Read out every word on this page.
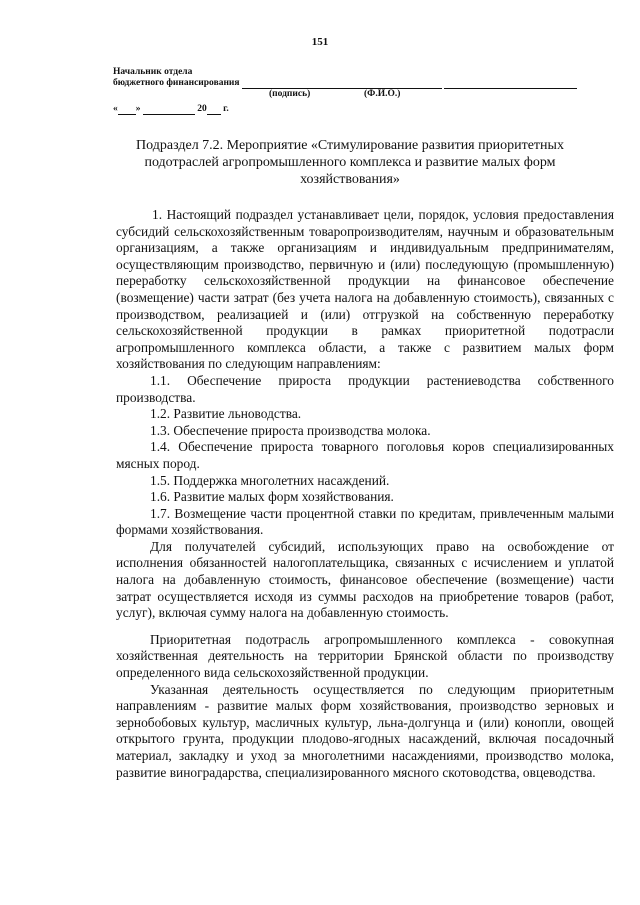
151
Начальник отдела
бюджетного финансирования
(подпись)	(Ф.И.О.)
« »	20 г.
Подраздел 7.2. Мероприятие «Стимулирование развития приоритетных подотраслей агропромышленного комплекса и развитие малых форм хозяйствования»

1. Настоящий подраздел устанавливает цели, порядок, условия предоставления субсидий сельскохозяйственным товаропроизводителям, научным и образовательным организациям, а также организациям и индивидуальным предпринимателям, осуществляющим производство, первичную и (или) последующую (промышленную) переработку сельскохозяйственной продукции на финансовое обеспечение (возмещение) части затрат (без учета налога на добавленную стоимость), связанных с производством, реализацией и (или) отгрузкой на собственную переработку сельскохозяйственной продукции в рамках приоритетной подотрасли агропромышленного комплекса области, а также с развитием малых форм хозяйствования по следующим направлениям:

1.1. Обеспечение прироста продукции растениеводства собственного производства.

1.2. Развитие льноводства.

1.3. Обеспечение прироста производства молока.

1.4. Обеспечение прироста товарного поголовья коров специализированных мясных пород.

1.5. Поддержка многолетних насаждений.

1.6. Развитие малых форм хозяйствования.

1.7. Возмещение части процентной ставки по кредитам, привлеченным малыми формами хозяйствования.

Для получателей субсидий, использующих право на освобождение от исполнения обязанностей налогоплательщика, связанных с исчислением и уплатой налога на добавленную стоимость, финансовое обеспечение (возмещение) части затрат осуществляется исходя из суммы расходов на приобретение товаров (работ, услуг), включая сумму налога на добавленную стоимость.

Приоритетная подотрасль агропромышленного комплекса - совокупная хозяйственная деятельность на территории Брянской области по производству определенного вида сельскохозяйственной продукции.

Указанная деятельность осуществляется по следующим приоритетным направлениям - развитие малых форм хозяйствования, производство зерновых и зернобобовых культур, масличных культур, льна-долгунца и (или) конопли, овощей открытого грунта, продукции плодово-ягодных насаждений, включая посадочный материал, закладку и уход за многолетними насаждениями, производство молока, развитие виноградарства, специализированного мясного скотоводства, овцеводства.
